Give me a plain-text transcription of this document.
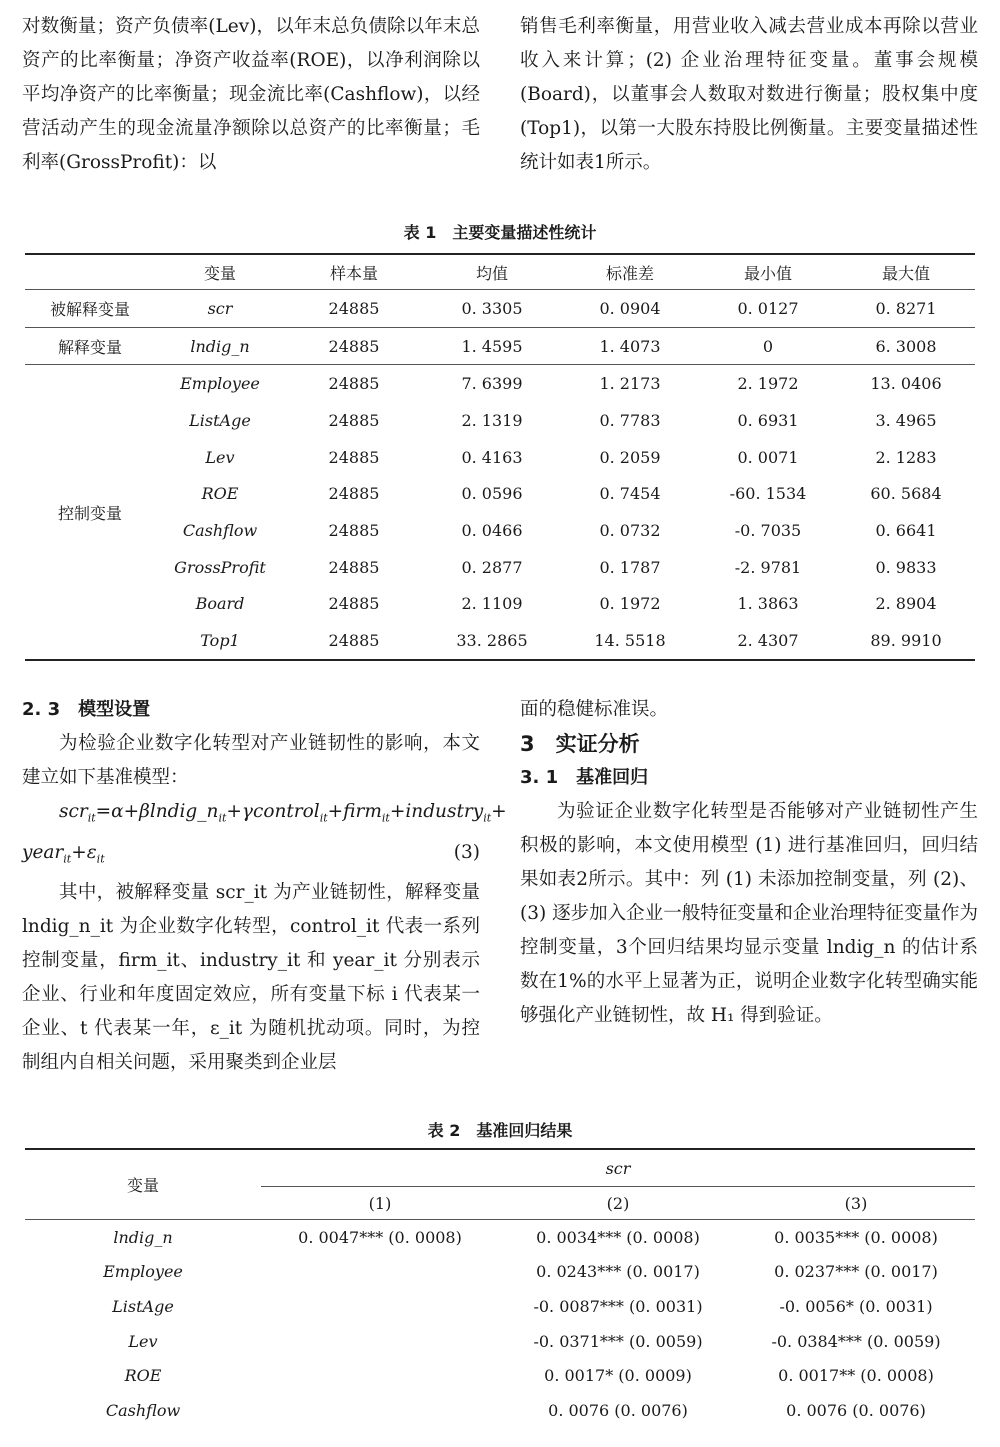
对数衡量；资产负债率(Lev)，以年末总负债除以年末总资产的比率衡量；净资产收益率(ROE)，以净利润除以平均净资产的比率衡量；现金流比率(Cashflow)，以经营活动产生的现金流量净额除以总资产的比率衡量；毛利率(GrossProfit)：以

销售毛利率衡量，用营业收入减去营业成本再除以营业收入来计算；(2) 企业治理特征变量。董事会规模(Board)，以董事会人数取对数进行衡量；股权集中度(Top1)，以第一大股东持股比例衡量。主要变量描述性统计如表1所示。

表 1　主要变量描述性统计
	变量	样本量	均值	标准差	最小值	最大值
被解释变量	scr	24885	0. 3305	0. 0904	0. 0127	0. 8271
解释变量	lndig_n	24885	1. 4595	1. 4073	0	6. 3008
控制变量	Employee	24885	7. 6399	1. 2173	2. 1972	13. 0406
	ListAge	24885	2. 1319	0. 7783	0. 6931	3. 4965
	Lev	24885	0. 4163	0. 2059	0. 0071	2. 1283
	ROE	24885	0. 0596	0. 7454	-60. 1534	60. 5684
	Cashflow	24885	0. 0466	0. 0732	-0. 7035	0. 6641
	GrossProfit	24885	0. 2877	0. 1787	-2. 9781	0. 9833
	Board	24885	2. 1109	0. 1972	1. 3863	2. 8904
	Top1	24885	33. 2865	14. 5518	2. 4307	89. 9910

2. 3　模型设置

为检验企业数字化转型对产业链韧性的影响，本文建立如下基准模型：

$scr_{it}=\alpha+\beta lndig\_n_{it}+\gamma control_{it}+firm_{it}+industry_{it}+$

$year_{it}+\varepsilon_{it}$	(3)

其中，被解释变量 scr_it 为产业链韧性，解释变量 lndig_n_it 为企业数字化转型，control_it 代表一系列控制变量，firm_it、industry_it 和 year_it 分别表示企业、行业和年度固定效应，所有变量下标 i 代表某一企业、t 代表某一年，ε_it 为随机扰动项。同时，为控制组内自相关问题，采用聚类到企业层

面的稳健标准误。

3　实证分析

3. 1　基准回归

为验证企业数字化转型是否能够对产业链韧性产生积极的影响，本文使用模型 (1) 进行基准回归，回归结果如表2所示。其中：列 (1) 未添加控制变量，列 (2)、(3) 逐步加入企业一般特征变量和企业治理特征变量作为控制变量，3个回归结果均显示变量 lndig_n 的估计系数在1%的水平上显著为正，说明企业数字化转型确实能够强化产业链韧性，故 H₁ 得到验证。

表 2　基准回归结果
变量	scr		
	(1)	(2)	(3)
lndig_n	0. 0047*** (0. 0008)	0. 0034*** (0. 0008)	0. 0035*** (0. 0008)
Employee		0. 0243*** (0. 0017)	0. 0237*** (0. 0017)
ListAge		-0. 0087*** (0. 0031)	-0. 0056* (0. 0031)
Lev		-0. 0371*** (0. 0059)	-0. 0384*** (0. 0059)
ROE		0. 0017* (0. 0009)	0. 0017** (0. 0008)
Cashflow		0. 0076 (0. 0076)	0. 0076 (0. 0076)
